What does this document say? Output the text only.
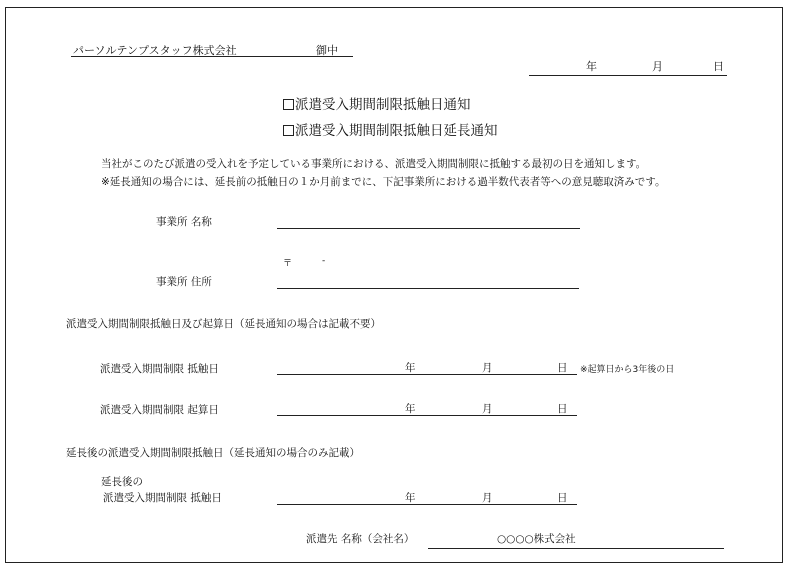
パーソルテンプスタッフ株式会社	御中
年	月	日
派遣受入期間制限抵触日通知
派遣受入期間制限抵触日延長通知
当社がこのたび派遣の受入れを予定している事業所における、派遣受入期間制限に抵触する最初の日を通知します。
※延長通知の場合には、延長前の抵触日の１か月前までに、下記事業所における過半数代表者等への意見聴取済みです。
事業所 名称
〒	-
事業所 住所
派遣受入期間制限抵触日及び起算日（延長通知の場合は記載不要）
派遣受入期間制限 抵触日	年	月	日 ※起算日から3年後の日
派遣受入期間制限 起算日	年	月	日
延長後の派遣受入期間制限抵触日（延長通知の場合のみ記載）
延長後の
派遣受入期間制限 抵触日	年	月	日
派遣先 名称（会社名）	○○○○株式会社
